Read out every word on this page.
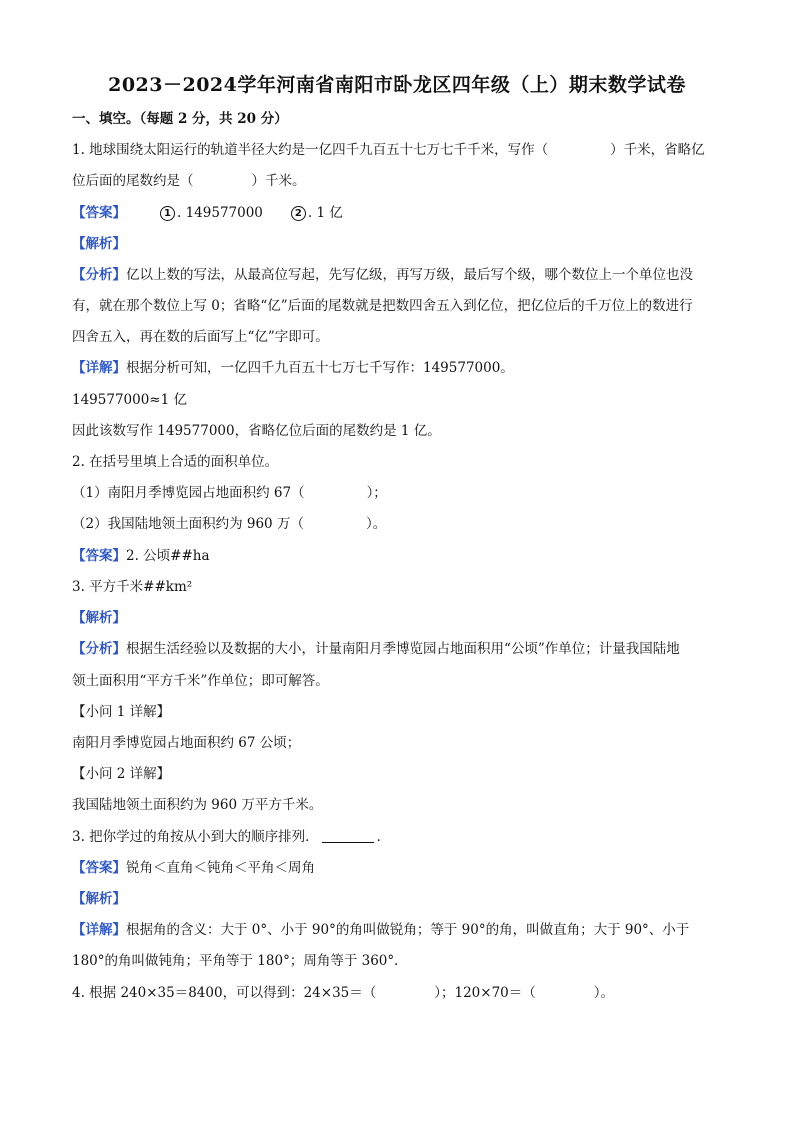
2023－2024学年河南省南阳市卧龙区四年级（上）期末数学试卷
一、填空。（每题 2 分，共 20 分）
1. 地球围绕太阳运行的轨道半径大约是一亿四千九百五十七万七千千米，写作（	）千米，省略亿
位后面的尾数约是（	）千米。
【答案】	1 . 149577000	2 . 1 亿
【解析】
【分析】亿以上数的写法，从最高位写起，先写亿级，再写万级，最后写个级，哪个数位上一个单位也没
有，就在那个数位上写 0；省略“亿”后面的尾数就是把数四舍五入到亿位，把亿位后的千万位上的数进行
四舍五入，再在数的后面写上“亿”字即可。
【详解】根据分析可知，一亿四千九百五十七万七千写作：149577000。
149577000≈1 亿
因此该数写作 149577000，省略亿位后面的尾数约是 1 亿。
2. 在括号里填上合适的面积单位。
（1）南阳月季博览园占地面积约 67（	）；
（2）我国陆地领土面积约为 960 万（	）。
【答案】2. 公顷##ha
3. 平方千米##km²
【解析】
【分析】根据生活经验以及数据的大小，计量南阳月季博览园占地面积用“公顷”作单位；计量我国陆地
领土面积用“平方千米”作单位；即可解答。
【小问 1 详解】
南阳月季博览园占地面积约 67 公顷；
【小问 2 详解】
我国陆地领土面积约为 960 万平方千米。
3. 把你学过的角按从小到大的顺序排列．	．
【答案】锐角＜直角＜钝角＜平角＜周角
【解析】
【详解】根据角的含义：大于 0°、小于 90°的角叫做锐角；等于 90°的角，叫做直角；大于 90°、小于
180°的角叫做钝角；平角等于 180°；周角等于 360°．
4. 根据 240×35＝8400，可以得到：24×35＝（	）；120×70＝（	）。
